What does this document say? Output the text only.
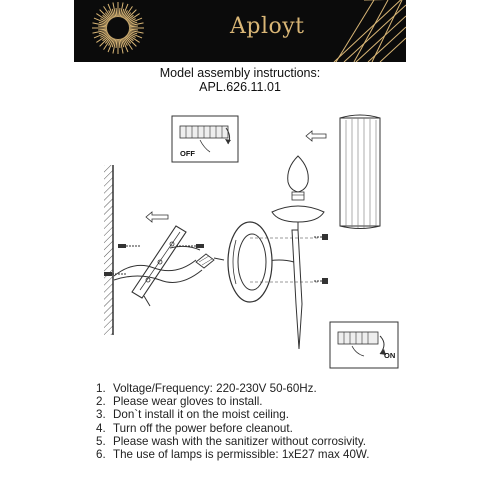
Aployt
Model assembly instructions:
APL.626.11.01
OFF
ON
1. Voltage/Frequency: 220-230V 50-60Hz.
2. Please wear gloves to install.
3. Don`t install it on the moist ceiling.
4. Turn off the power before cleanout.
5. Please wash with the sanitizer without corrosivity.
6. The use of lamps is permissible: 1xE27 max 40W.
